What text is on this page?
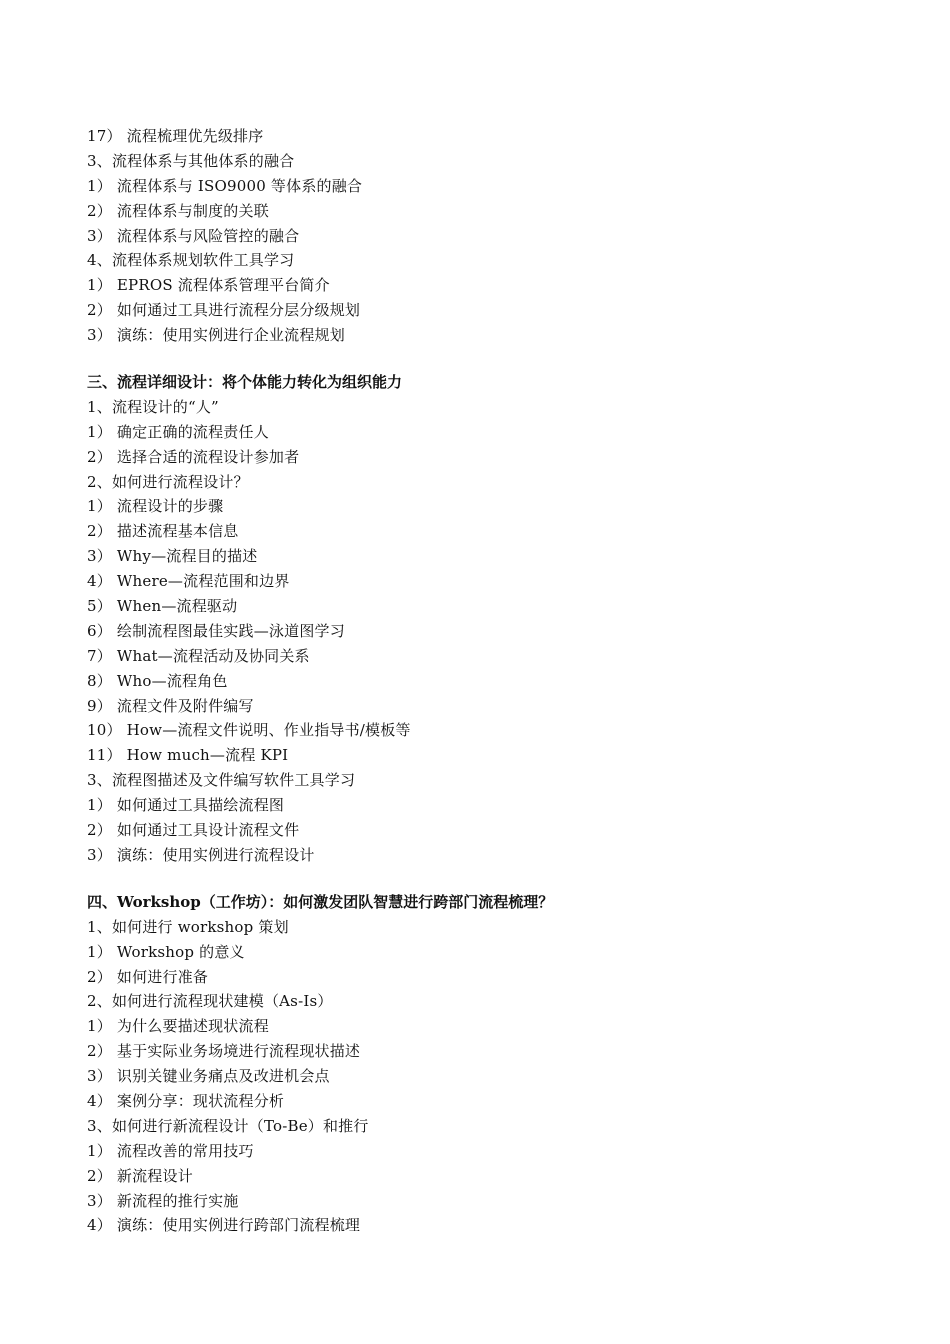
17） 流程梳理优先级排序
3、流程体系与其他体系的融合
1） 流程体系与 ISO9000 等体系的融合
2） 流程体系与制度的关联
3） 流程体系与风险管控的融合
4、流程体系规划软件工具学习
1） EPROS 流程体系管理平台简介
2） 如何通过工具进行流程分层分级规划
3） 演练：使用实例进行企业流程规划
三、流程详细设计：将个体能力转化为组织能力
1、流程设计的“人”
1） 确定正确的流程责任人
2） 选择合适的流程设计参加者
2、如何进行流程设计？
1） 流程设计的步骤
2） 描述流程基本信息
3） Why—流程目的描述
4） Where—流程范围和边界
5） When—流程驱动
6） 绘制流程图最佳实践—泳道图学习
7） What—流程活动及协同关系
8） Who—流程角色
9） 流程文件及附件编写
10） How—流程文件说明、作业指导书/模板等
11） How much—流程 KPI
3、流程图描述及文件编写软件工具学习
1） 如何通过工具描绘流程图
2） 如何通过工具设计流程文件
3） 演练：使用实例进行流程设计
四、Workshop（工作坊）：如何激发团队智慧进行跨部门流程梳理？
1、如何进行 workshop 策划
1） Workshop 的意义
2） 如何进行准备
2、如何进行流程现状建模（As-Is）
1） 为什么要描述现状流程
2） 基于实际业务场境进行流程现状描述
3） 识别关键业务痛点及改进机会点
4） 案例分享：现状流程分析
3、如何进行新流程设计（To-Be）和推行
1） 流程改善的常用技巧
2） 新流程设计
3） 新流程的推行实施
4） 演练：使用实例进行跨部门流程梳理
